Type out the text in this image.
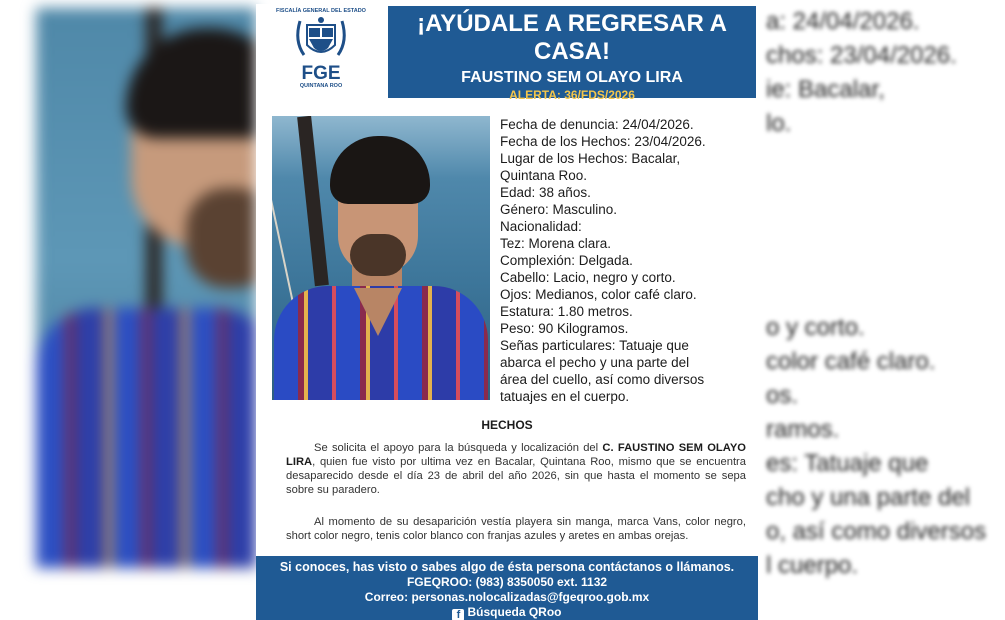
a: 24/04/2026.
chos: 23/04/2026.
ie: Bacalar,
lo.
o y corto.
color café claro.
os.
ramos.
es: Tatuaje que
cho y una parte del
o, así como diversos
l cuerpo.
FISCALÍA GENERAL DEL ESTADO
FGE
QUINTANA ROO
¡AYÚDALE A REGRESAR A CASA!
FAUSTINO SEM OLAYO LIRA
ALERTA: 36/FDS/2026
Fecha de denuncia: 24/04/2026.
Fecha de los Hechos: 23/04/2026.
Lugar de los Hechos: Bacalar,
Quintana Roo.
Edad: 38 años.
Género: Masculino.
Nacionalidad:
Tez: Morena clara.
Complexión: Delgada.
Cabello: Lacio, negro y corto.
Ojos: Medianos, color café claro.
Estatura: 1.80 metros.
Peso: 90 Kilogramos.
Señas particulares: Tatuaje que
abarca el pecho y una parte del
área del cuello, así como diversos
tatuajes en el cuerpo.
HECHOS
Se solicita el apoyo para la búsqueda y localización del C. FAUSTINO SEM OLAYO LIRA, quien fue visto por ultima vez en Bacalar, Quintana Roo, mismo que se encuentra desaparecido desde el día 23 de abril del año 2026, sin que hasta el momento se sepa sobre su paradero.
Al momento de su desaparición vestía playera sin manga, marca Vans, color negro, short color negro, tenis color blanco con franjas azules y aretes en ambas orejas.
Si conoces, has visto o sabes algo de ésta persona contáctanos o llámanos.
FGEQROO: (983) 8350050 ext. 1132
Correo: personas.nolocalizadas@fgeqroo.gob.mx
f Búsqueda QRoo
